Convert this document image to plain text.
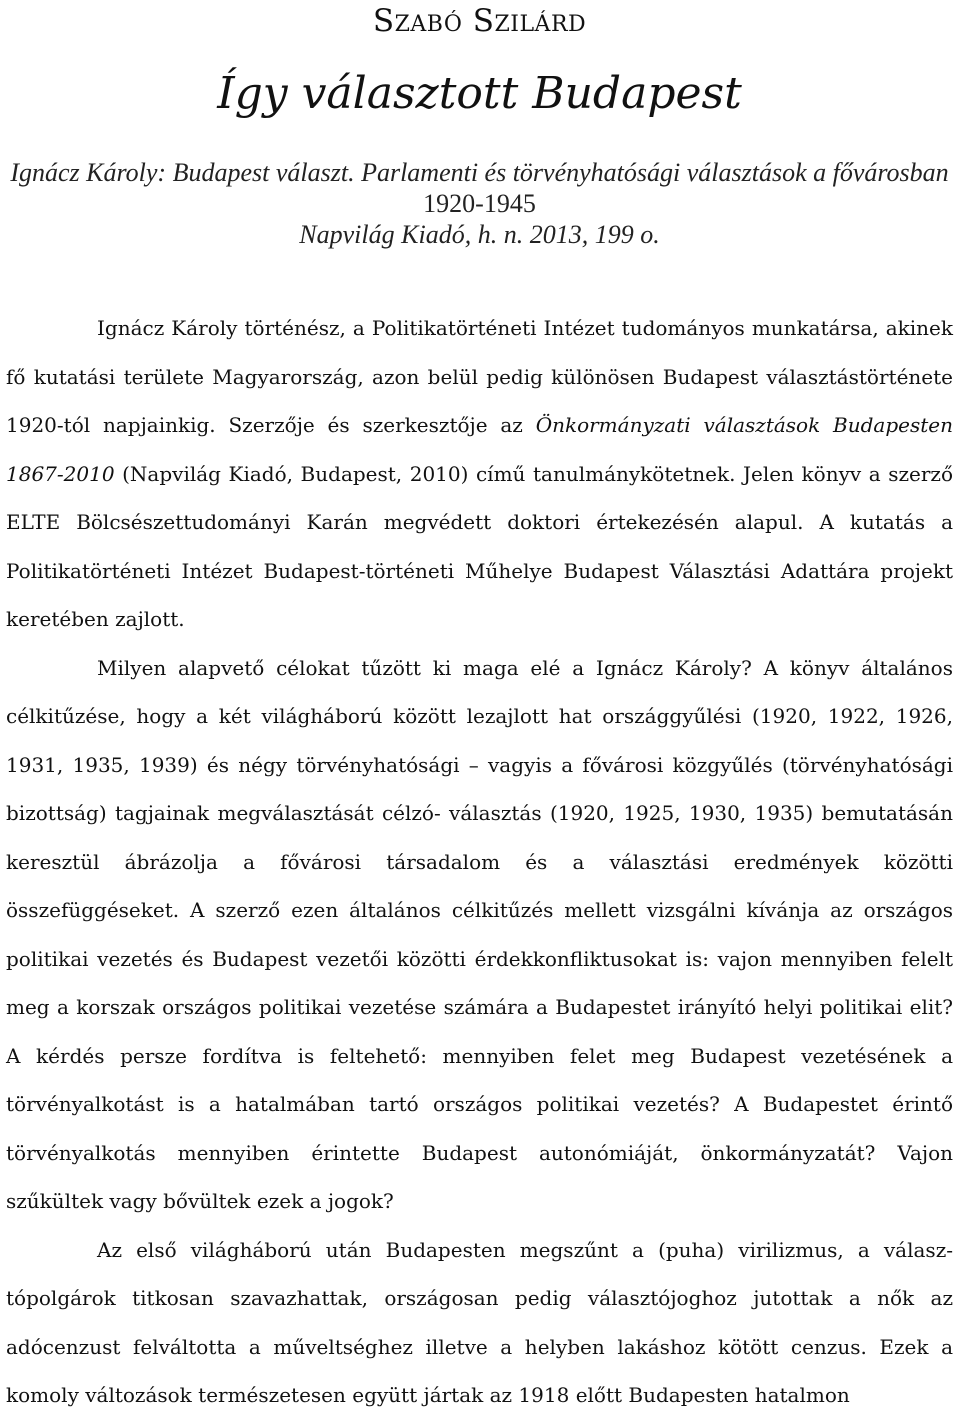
Szabó Szilárd
Így választott Budapest
Ignácz Károly: Budapest választ. Parlamenti és törvényhatósági választások a fővárosban
1920-1945
Napvilág Kiadó, h. n. 2013, 199 o.

Ignácz Károly történész, a Politikatörténeti Intézet tudományos munkatársa, akinek fő kutatási területe Magyarország, azon belül pedig különösen Budapest választástörténete 1920-tól napjainkig. Szerzője és szerkesztője az Önkormányzati választások Budapesten 1867-2010 (Napvilág Kiadó, Budapest, 2010) című tanulmánykötetnek. Jelen könyv a szerző ELTE Bölcsészettudományi Karán megvédett doktori értekezésén alapul. A kutatás a Politikatörténeti Intézet Budapest-történeti Műhelye Budapest Választási Adattára projekt keretében zajlott.

Milyen alapvető célokat tűzött ki maga elé a Ignácz Károly? A könyv általános célkitűzése, hogy a két világháború között lezajlott hat országgyűlési (1920, 1922, 1926, 1931, 1935, 1939) és négy törvényhatósági – vagyis a fővárosi közgyűlés (törvényhatósági bizottság) tagjainak megválasztását célzó- választás (1920, 1925, 1930, 1935) bemutatásán keresztül ábrázolja a fővárosi társadalom és a választási eredmények közötti összefüggéseket. A szerző ezen általános célkitűzés mellett vizsgálni kívánja az országos politikai vezetés és Budapest vezetői közötti érdekkonfliktusokat is: vajon mennyiben felelt meg a korszak országos politikai vezetése számára a Budapestet irányító helyi politikai elit? A kérdés persze fordítva is feltehető: mennyiben felet meg Budapest vezetésének a törvényalkotást is a hatalmában tartó országos politikai vezetés? A Budapestet érintő törvényalkotás mennyiben érintette Budapest autonómiáját, önkormányzatát? Vajon szűkültek vagy bővültek ezek a jogok?

Az első világháború után Budapesten megszűnt a (puha) virilizmus, a választópolgárok titkosan szavazhattak, országosan pedig választójoghoz jutottak a nők az adócenzust felváltotta a műveltséghez illetve a helyben lakáshoz kötött cenzus. Ezek a komoly változások természetesen együtt jártak az 1918 előtt Budapesten hatalmon
